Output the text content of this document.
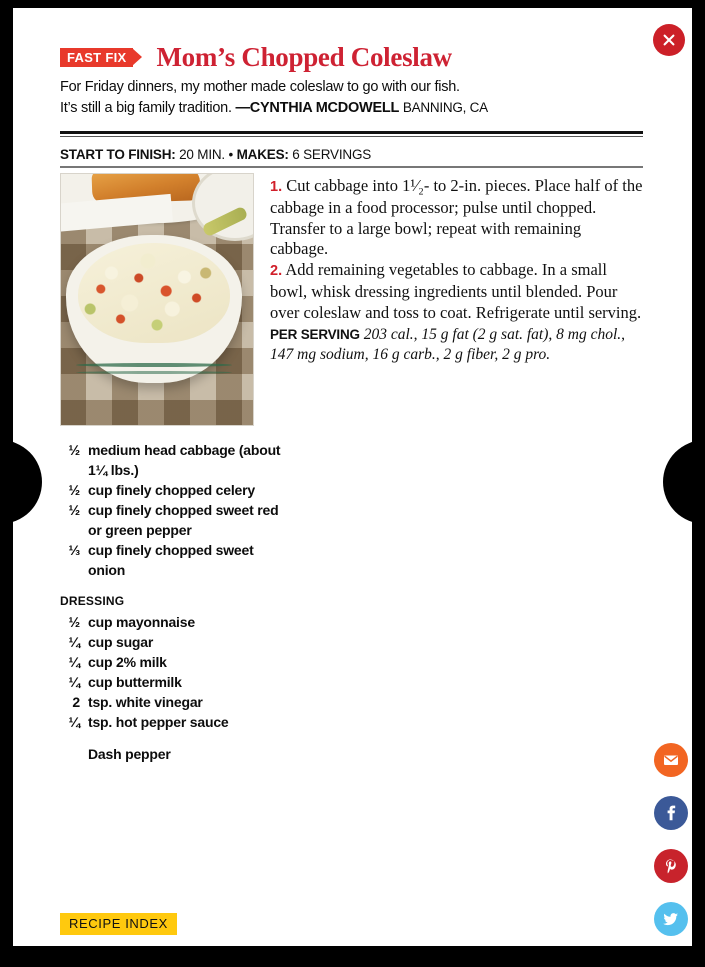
FAST FIX Mom’s Chopped Coleslaw
For Friday dinners, my mother made coleslaw to go with our fish.
It’s still a big family tradition. —CYNTHIA MCDOWELL BANNING, CA
START TO FINISH: 20 MIN. • MAKES: 6 SERVINGS
1. Cut cabbage into 1¹⁄₂- to 2-in. pieces. Place half of the cabbage in a food processor; pulse until chopped. Transfer to a large bowl; repeat with remaining cabbage.
2. Add remaining vegetables to cabbage. In a small bowl, whisk dressing ingredients until blended. Pour over coleslaw and toss to coat. Refrigerate until serving.
PER SERVING 203 cal., 15 g fat (2 g sat. fat), 8 mg chol., 147 mg sodium, 16 g carb., 2 g fiber, 2 g pro.
½ medium head cabbage (about 1¼ lbs.)
½ cup finely chopped celery
½ cup finely chopped sweet red or green pepper
⅓ cup finely chopped sweet onion
DRESSING
½ cup mayonnaise
¼ cup sugar
¼ cup 2% milk
¼ cup buttermilk
2 tsp. white vinegar
¼ tsp. hot pepper sauce
Dash pepper
RECIPE INDEX
